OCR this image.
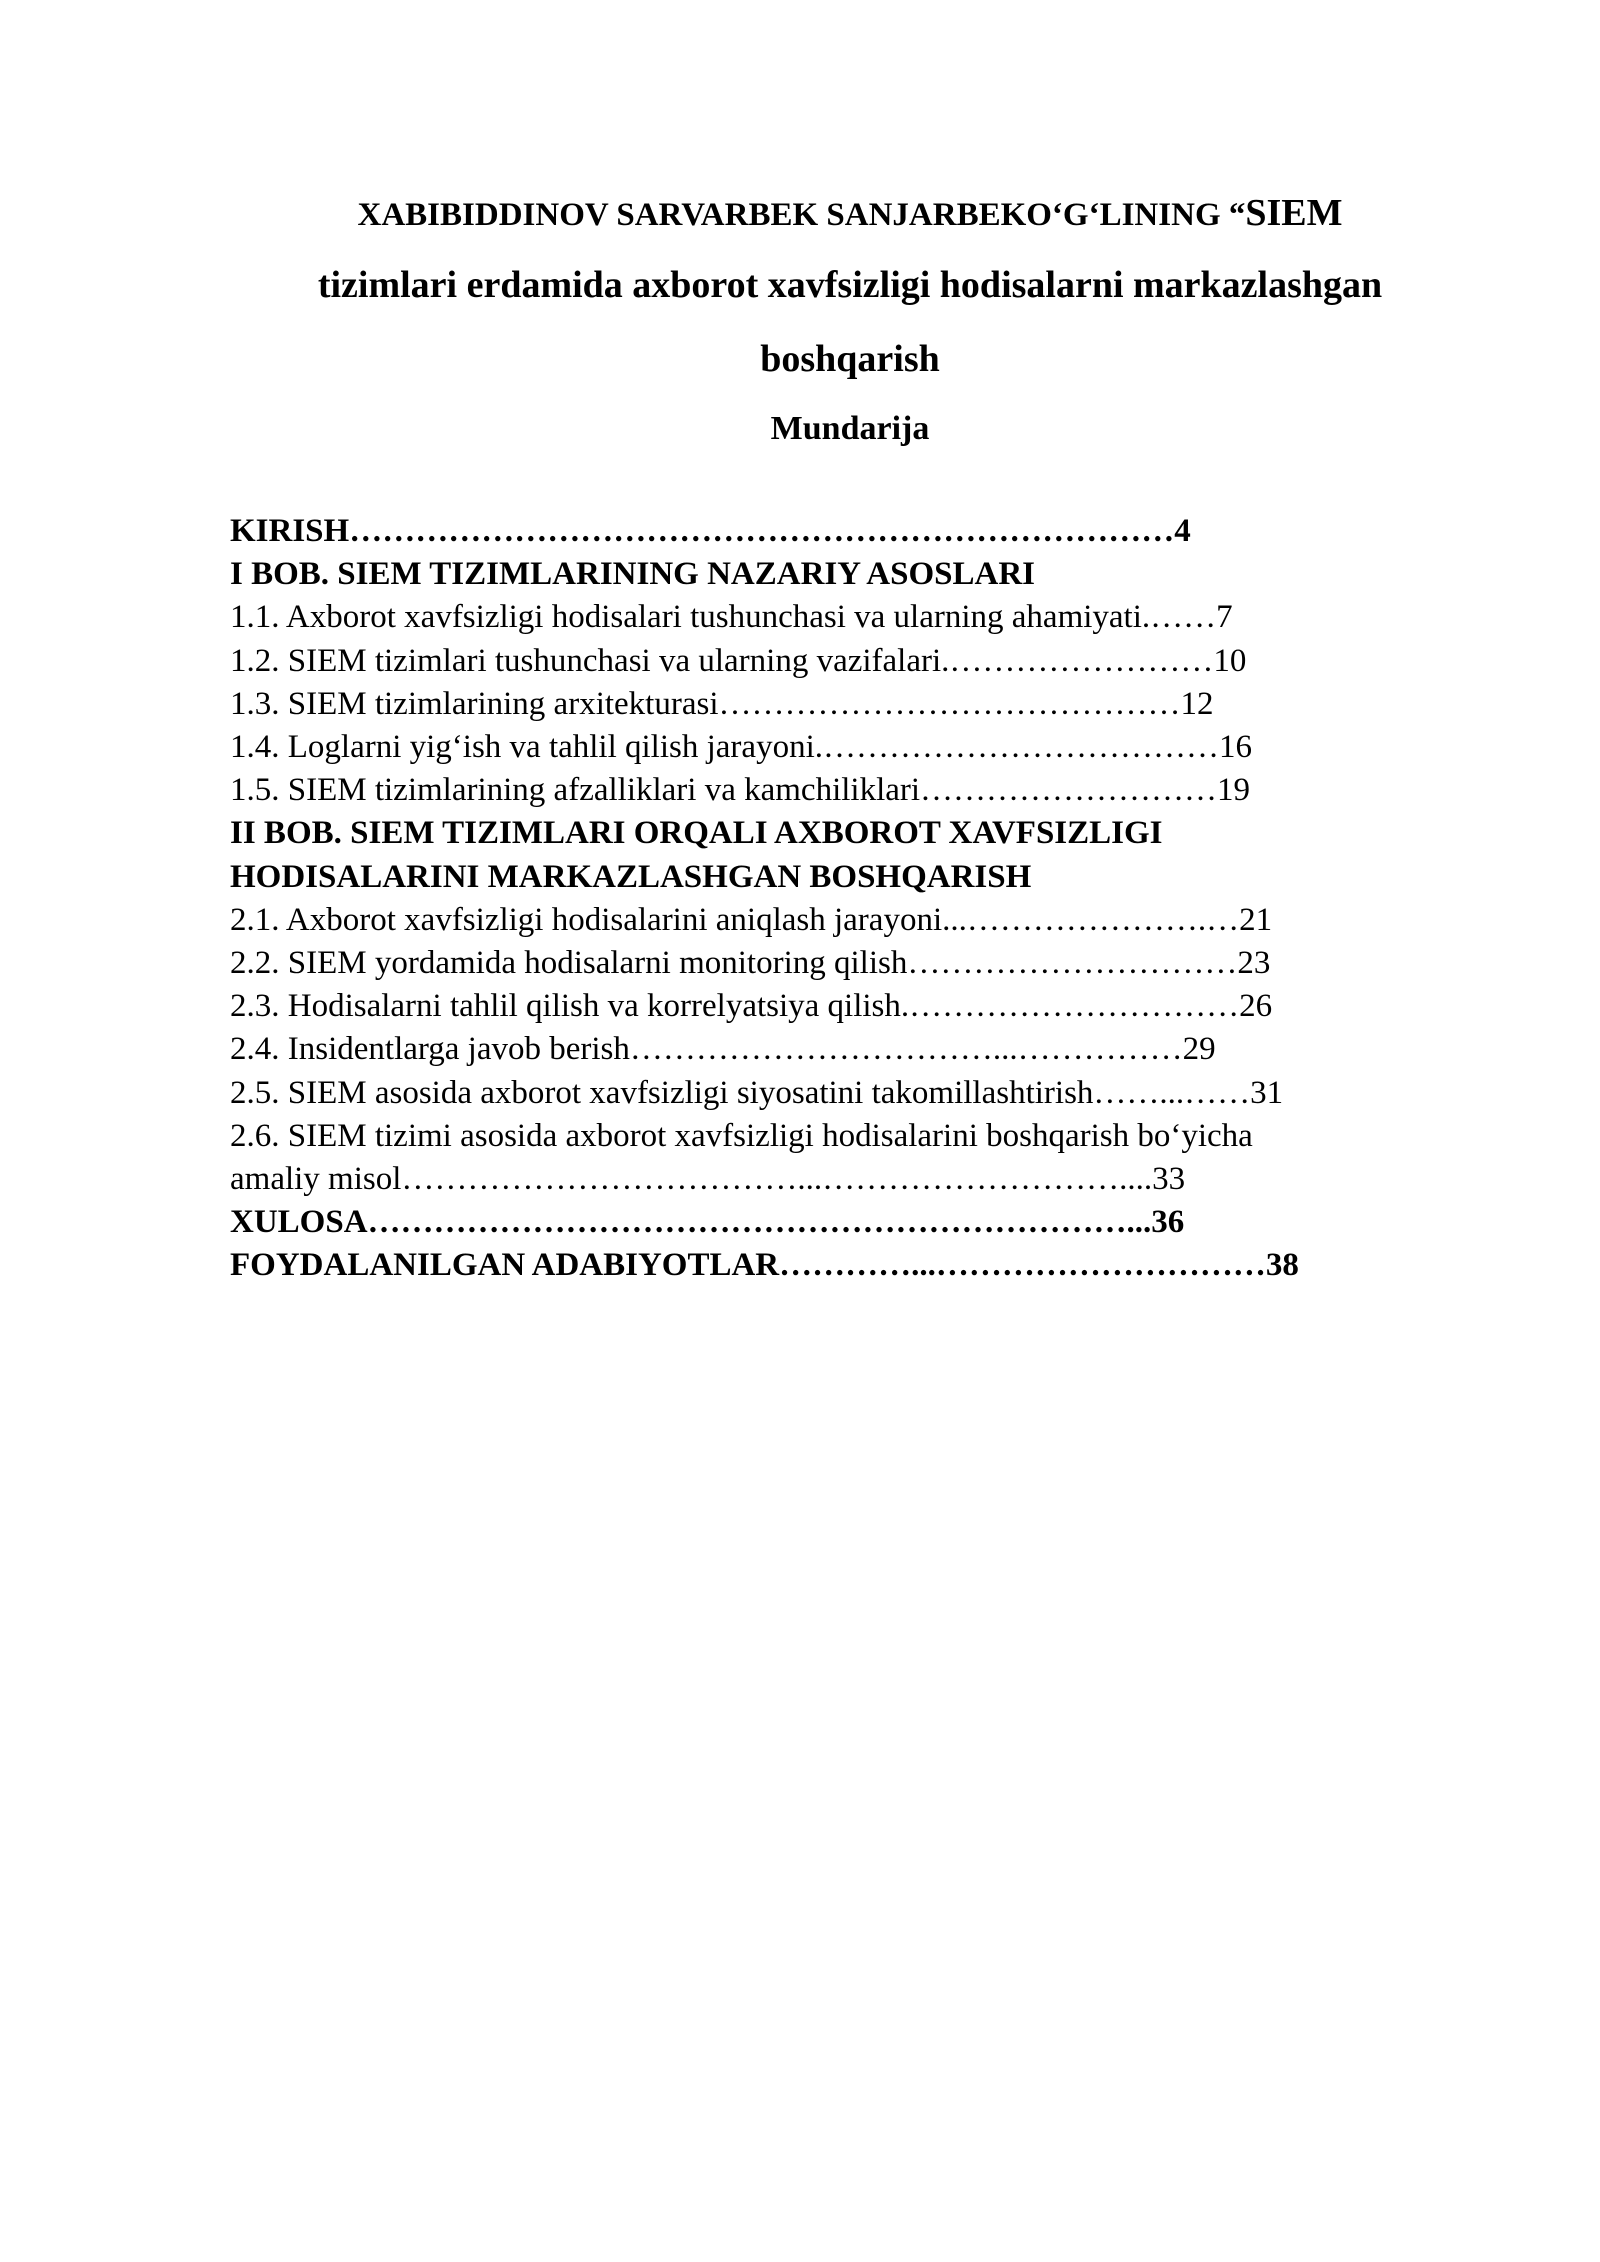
XABIBIDDINOV SARVARBEK SANJARBEKO‘G‘LINING “SIEM
tizimlari erdamida axborot xavfsizligi hodisalarni markazlashgan
boshqarish
Mundarija
KIRISH…………………………………………………………………4
I BOB. SIEM TIZIMLARINING NAZARIY ASOSLARI
1.1. Axborot xavfsizligi hodisalari tushunchasi va ularning ahamiyati.……7
1.2. SIEM tizimlari tushunchasi va ularning vazifalari.……………………10
1.3. SIEM tizimlarining arxitekturasi……………………………………12
1.4. Loglarni yig‘ish va tahlil qilish jarayoni.………………………………16
1.5. SIEM tizimlarining afzalliklari va kamchiliklari………………………19
II BOB. SIEM TIZIMLARI ORQALI AXBOROT XAVFSIZLIGI
HODISALARINI MARKAZLASHGAN BOSHQARISH
2.1. Axborot xavfsizligi hodisalarini aniqlash jarayoni...………………….…21
2.2. SIEM yordamida hodisalarni monitoring qilish…………………………23
2.3. Hodisalarni tahlil qilish va korrelyatsiya qilish.…………………………26
2.4. Insidentlarga javob berish……………………………...……………29
2.5. SIEM asosida axborot xavfsizligi siyosatini takomillashtirish……...……31
2.6. SIEM tizimi asosida axborot xavfsizligi hodisalarini boshqarish bo‘yicha
amaliy misol………………………………...………………………....33
XULOSA……………………………………………………………...36
FOYDALANILGAN ADABIYOTLAR…………...…………………………38
